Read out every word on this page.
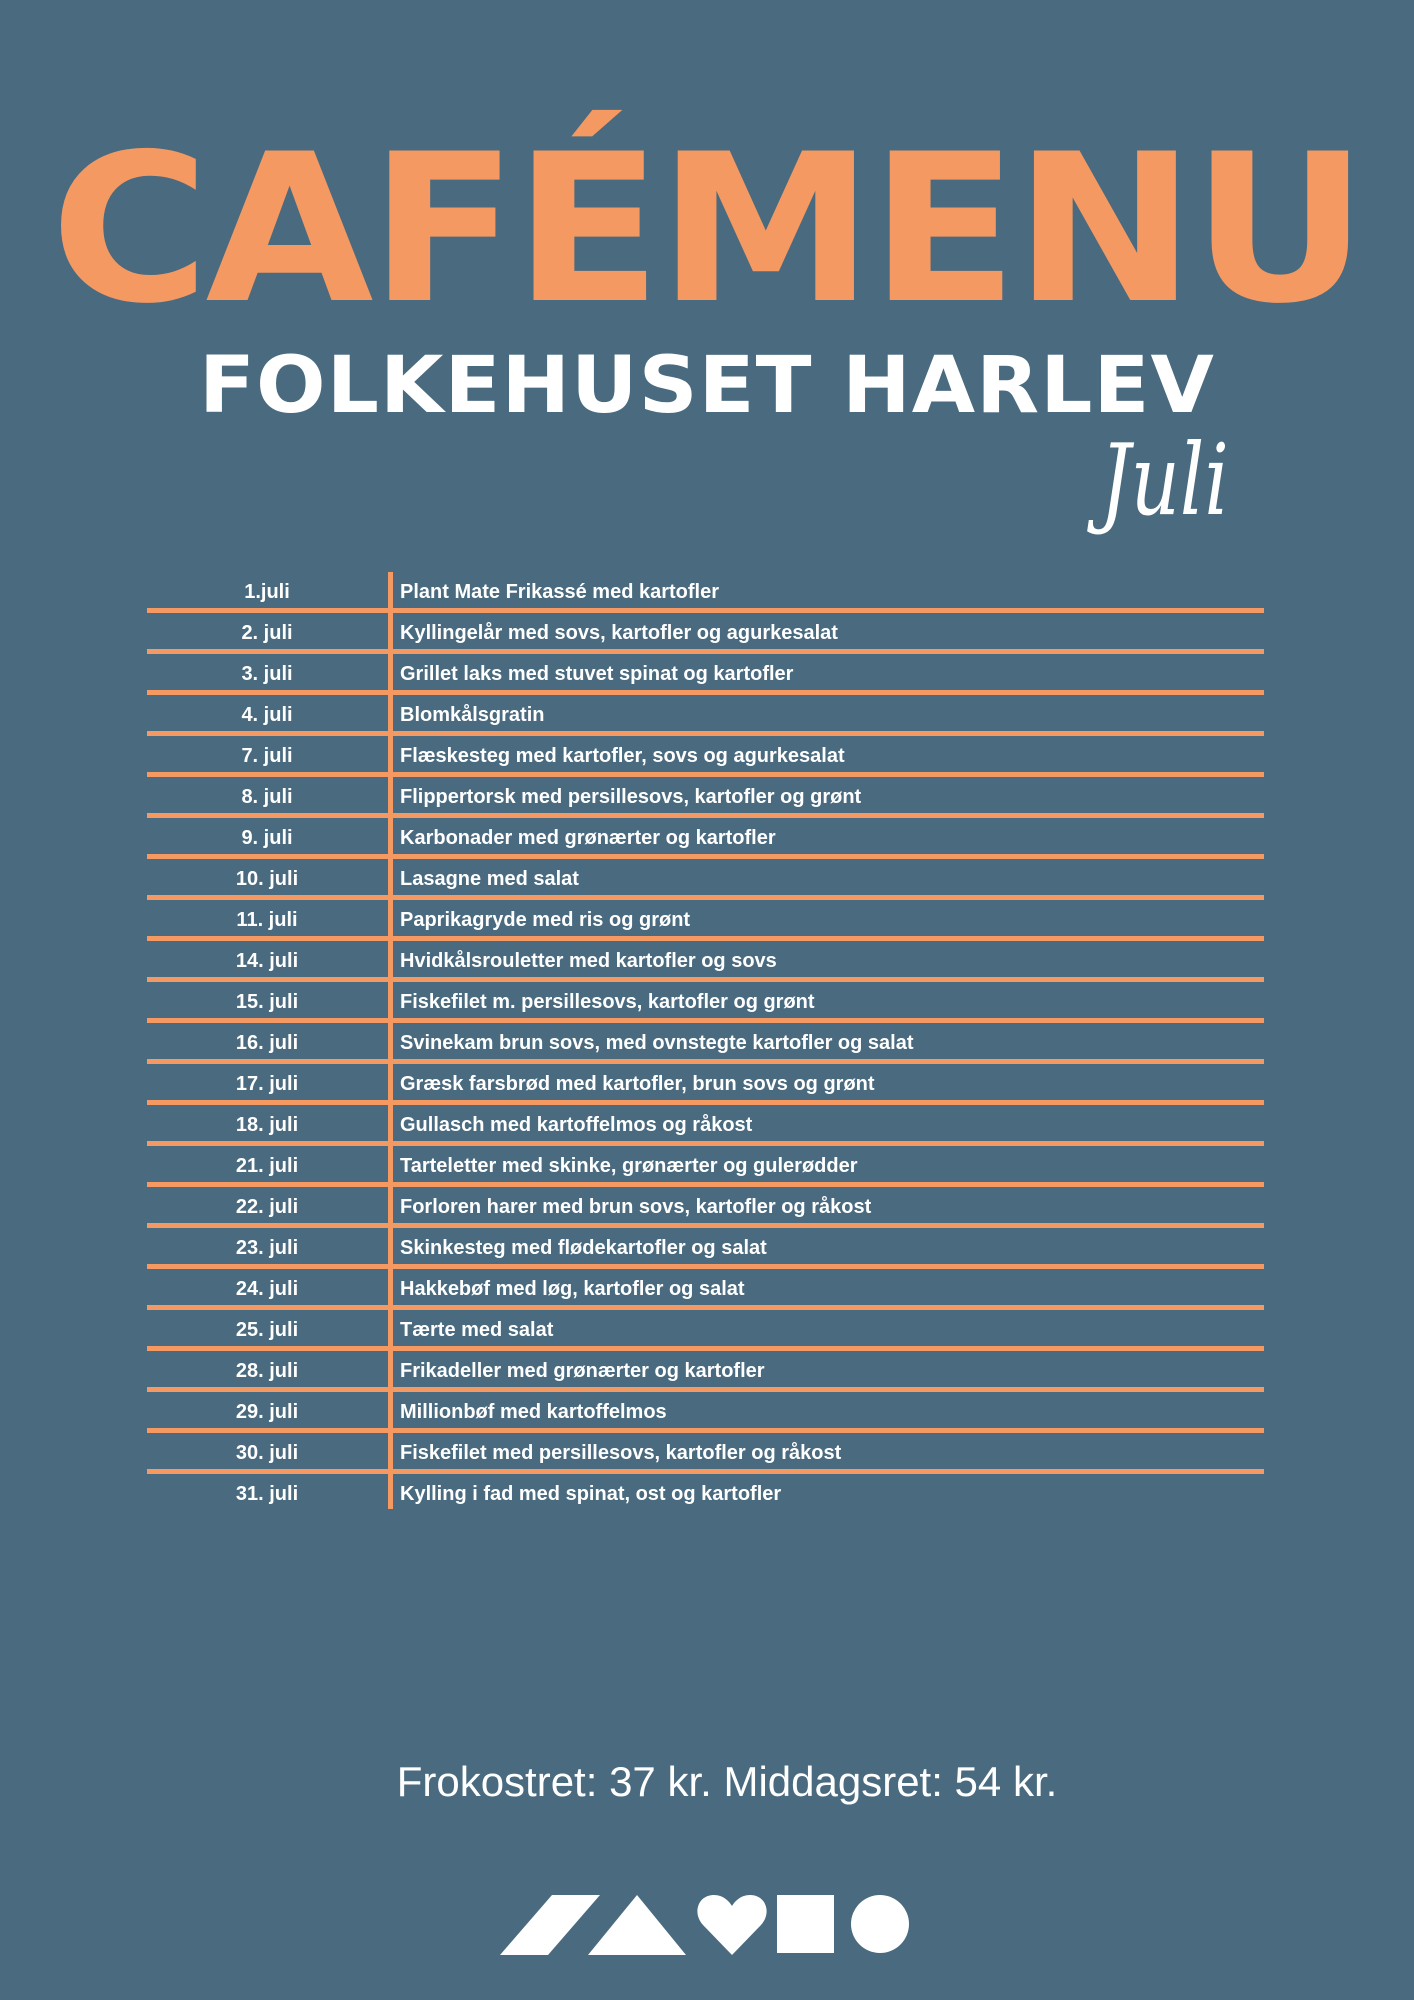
CAFÉMENU
FOLKEHUSET HARLEV
Juli
1.juli	Plant Mate Frikassé med kartofler
2. juli	Kyllingelår med sovs, kartofler og agurkesalat
3. juli	Grillet laks med stuvet spinat og kartofler
4. juli	Blomkålsgratin
7. juli	Flæskesteg med kartofler, sovs og agurkesalat
8. juli	Flippertorsk med persillesovs, kartofler og grønt
9. juli	Karbonader med grønærter og kartofler
10. juli	Lasagne med salat
11. juli	Paprikagryde med ris og grønt
14. juli	Hvidkålsrouletter med kartofler og sovs
15. juli	Fiskefilet m. persillesovs, kartofler og grønt
16. juli	Svinekam brun sovs, med ovnstegte kartofler og salat
17. juli	Græsk farsbrød med kartofler, brun sovs og grønt
18. juli	Gullasch med kartoffelmos og råkost
21. juli	Tarteletter med skinke, grønærter og gulerødder
22. juli	Forloren harer med brun sovs, kartofler og råkost
23. juli	Skinkesteg med flødekartofler og salat
24. juli	Hakkebøf med løg, kartofler og salat
25. juli	Tærte med salat
28. juli	Frikadeller med grønærter og kartofler
29. juli	Millionbøf med kartoffelmos
30. juli	Fiskefilet med persillesovs, kartofler og råkost
31. juli	Kylling i fad med spinat, ost og kartofler
Frokostret: 37 kr. Middagsret: 54 kr.
